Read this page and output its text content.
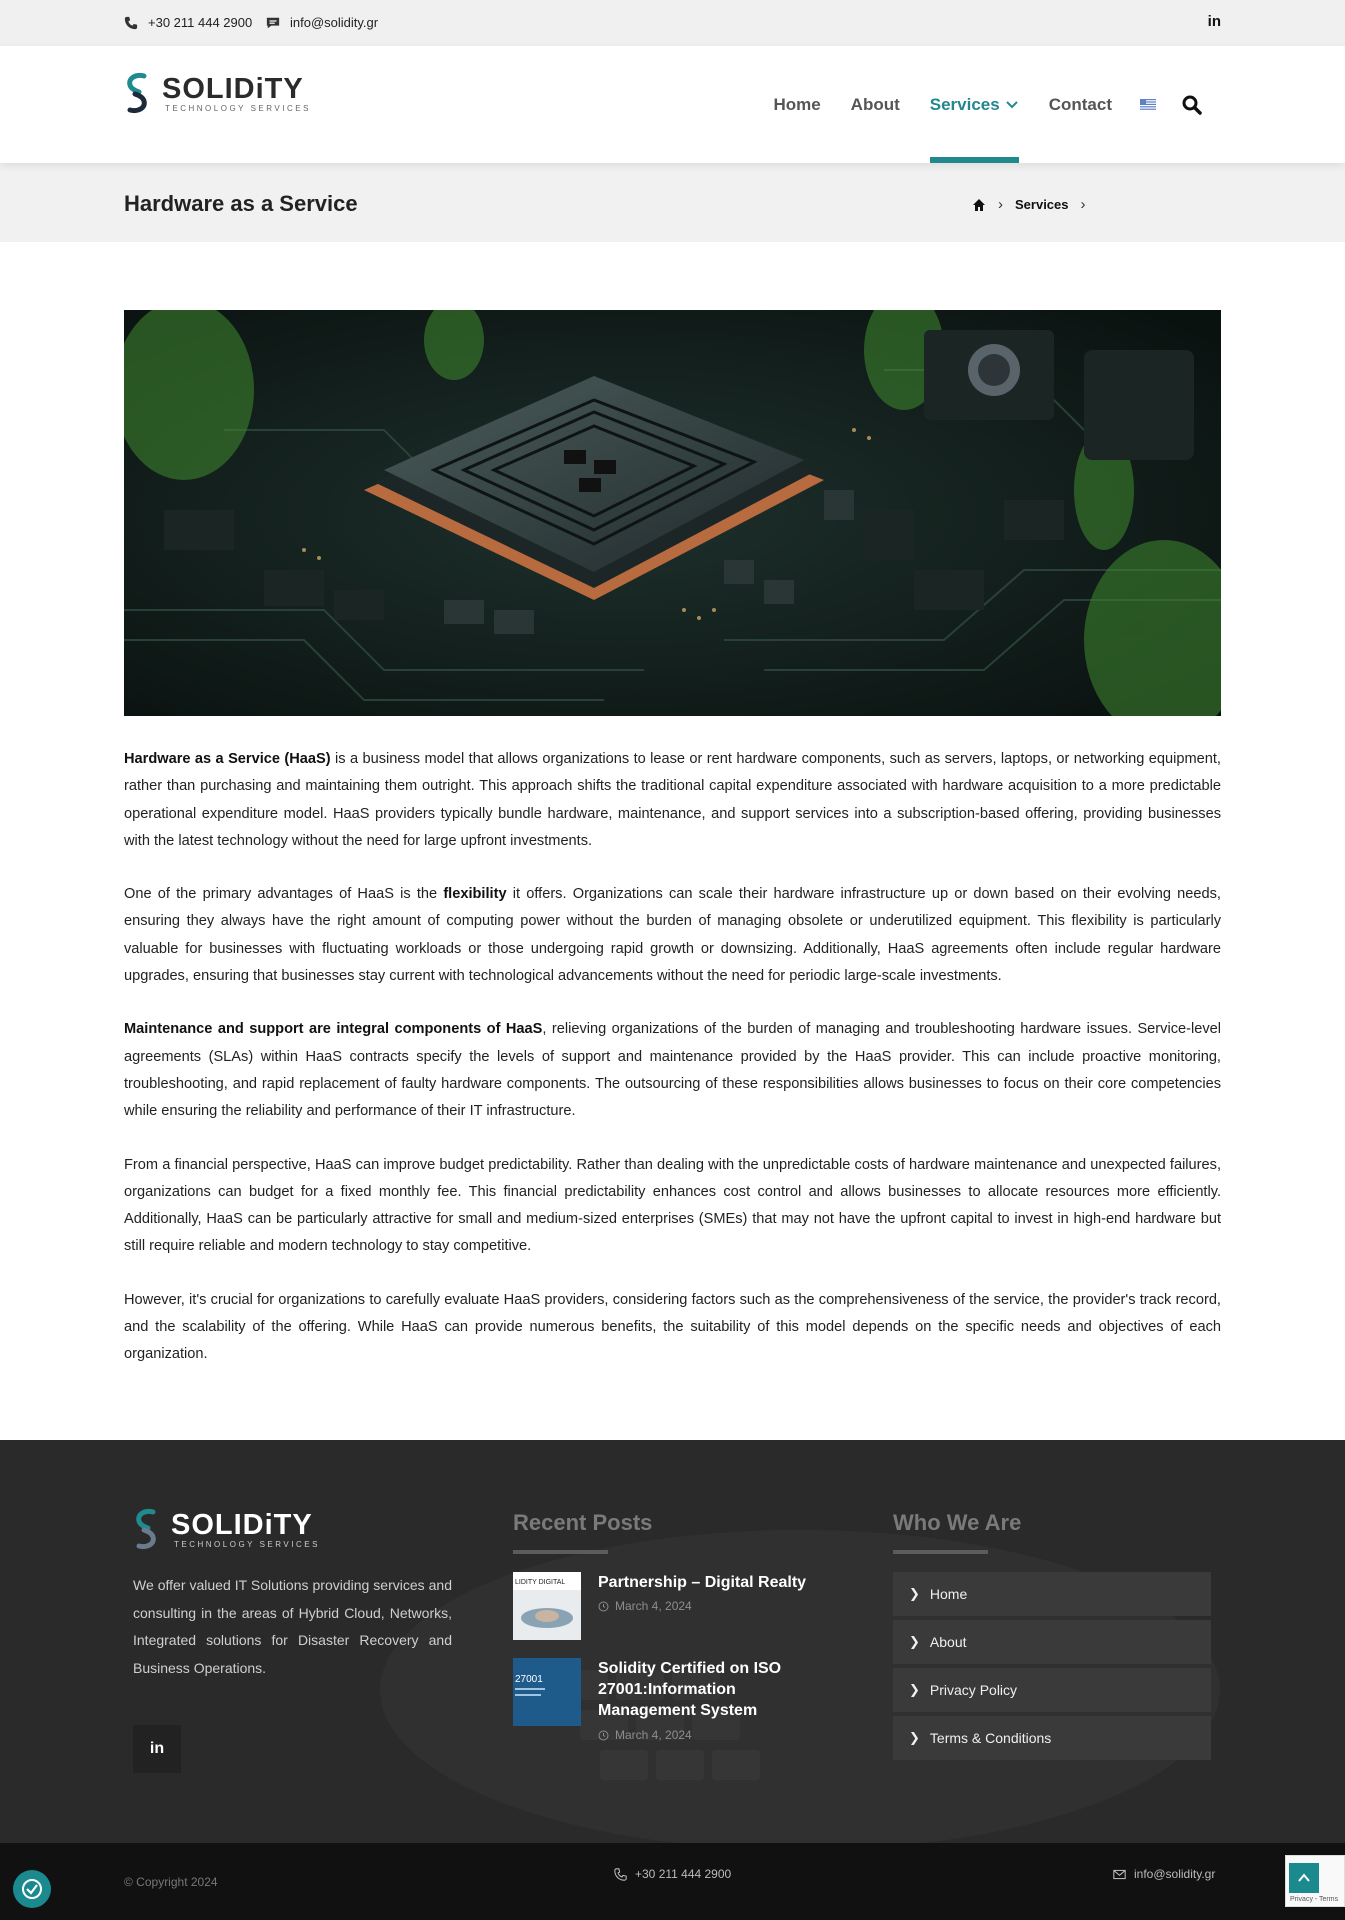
+30 211 444 2900	info@solidity.gr	in
SOLIDiTY
TECHNOLOGY SERVICES	Home About Services	Contact
Hardware as a Service	› Services ›

Hardware as a Service (HaaS) is a business model that allows organizations to lease or rent hardware components, such as servers, laptops, or networking equipment, rather than purchasing and maintaining them outright. This approach shifts the traditional capital expenditure associated with hardware acquisition to a more predictable operational expenditure model. HaaS providers typically bundle hardware, maintenance, and support services into a subscription-based offering, providing businesses with the latest technology without the need for large upfront investments.

One of the primary advantages of HaaS is the flexibility it offers. Organizations can scale their hardware infrastructure up or down based on their evolving needs, ensuring they always have the right amount of computing power without the burden of managing obsolete or underutilized equipment. This flexibility is particularly valuable for businesses with fluctuating workloads or those undergoing rapid growth or downsizing. Additionally, HaaS agreements often include regular hardware upgrades, ensuring that businesses stay current with technological advancements without the need for periodic large-scale investments.

Maintenance and support are integral components of HaaS, relieving organizations of the burden of managing and troubleshooting hardware issues. Service-level agreements (SLAs) within HaaS contracts specify the levels of support and maintenance provided by the HaaS provider. This can include proactive monitoring, troubleshooting, and rapid replacement of faulty hardware components. The outsourcing of these responsibilities allows businesses to focus on their core competencies while ensuring the reliability and performance of their IT infrastructure.

From a financial perspective, HaaS can improve budget predictability. Rather than dealing with the unpredictable costs of hardware maintenance and unexpected failures, organizations can budget for a fixed monthly fee. This financial predictability enhances cost control and allows businesses to allocate resources more efficiently. Additionally, HaaS can be particularly attractive for small and medium-sized enterprises (SMEs) that may not have the upfront capital to invest in high-end hardware but still require reliable and modern technology to stay competitive.

However, it's crucial for organizations to carefully evaluate HaaS providers, considering factors such as the comprehensiveness of the service, the provider's track record, and the scalability of the offering. While HaaS can provide numerous benefits, the suitability of this model depends on the specific needs and objectives of each organization.

SOLIDiTY
TECHNOLOGY SERVICES
We offer valued IT Solutions providing services and consulting in the areas of Hybrid Cloud, Networks, Integrated solutions for Disaster Recovery and Business Operations.
in
Recent Posts
LIDITY DIGITAL Partnership – Digital Realty
March 4, 2024
27001
Solidity Certified on ISO 27001:Information Management System
March 4, 2024
Who We Are
❯ Home
❯ About
❯ Privacy Policy
❯ Terms & Conditions
© Copyright 2024
+30 211 444 2900	info@solidity.gr
Privacy - Terms
